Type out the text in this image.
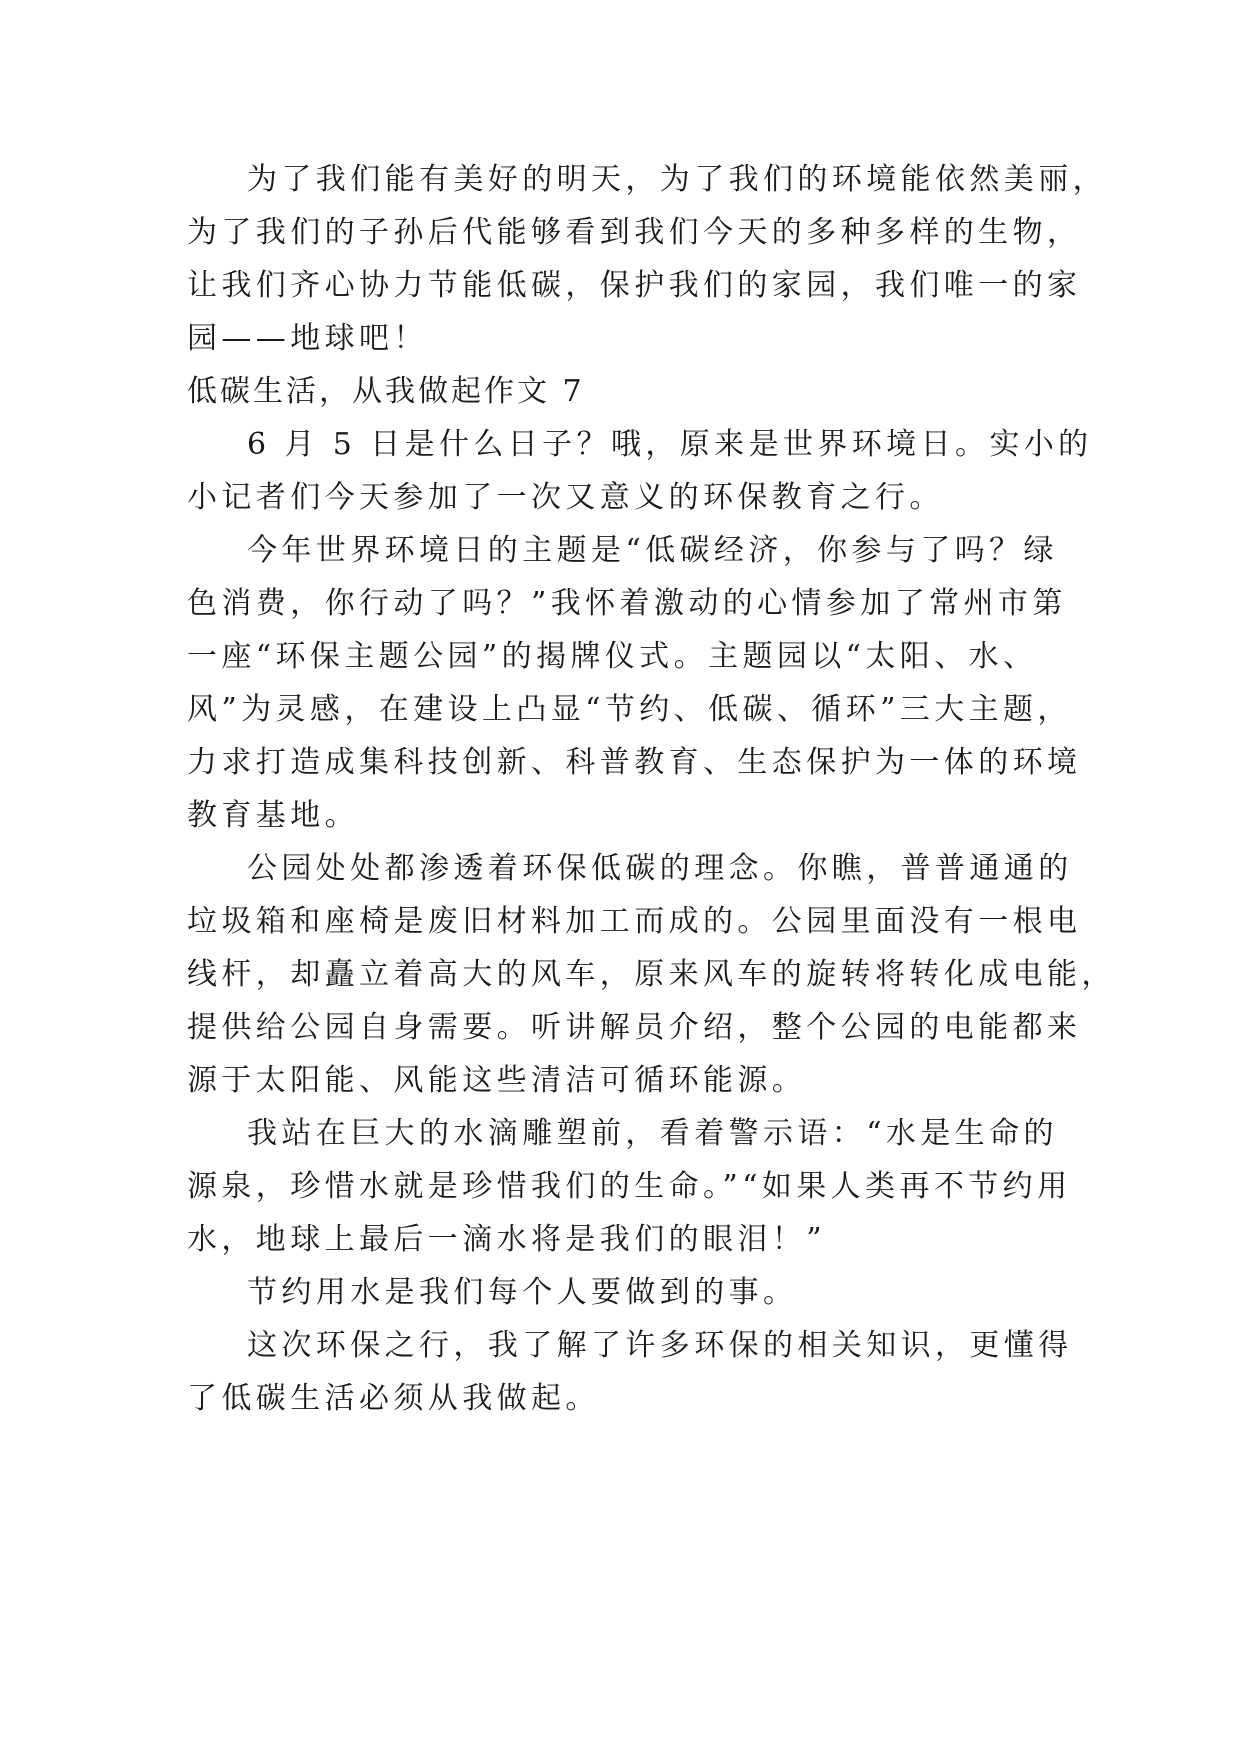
为了我们能有美好的明天，为了我们的环境能依然美丽，
为了我们的子孙后代能够看到我们今天的多种多样的生物，
让我们齐心协力节能低碳，保护我们的家园，我们唯一的家
园——地球吧！
低碳生活，从我做起作文 7
6 月 5 日是什么日子？哦，原来是世界环境日。实小的
小记者们今天参加了一次又意义的环保教育之行。
今年世界环境日的主题是“低碳经济，你参与了吗？绿
色消费，你行动了吗？”我怀着激动的心情参加了常州市第
一座“环保主题公园”的揭牌仪式。主题园以“太阳、水、
风”为灵感，在建设上凸显“节约、低碳、循环”三大主题，
力求打造成集科技创新、科普教育、生态保护为一体的环境
教育基地。
公园处处都渗透着环保低碳的理念。你瞧，普普通通的
垃圾箱和座椅是废旧材料加工而成的。公园里面没有一根电
线杆，却矗立着高大的风车，原来风车的旋转将转化成电能，
提供给公园自身需要。听讲解员介绍，整个公园的电能都来
源于太阳能、风能这些清洁可循环能源。
我站在巨大的水滴雕塑前，看着警示语：“水是生命的
源泉，珍惜水就是珍惜我们的生命。”“如果人类再不节约用
水，地球上最后一滴水将是我们的眼泪！”
节约用水是我们每个人要做到的事。
这次环保之行，我了解了许多环保的相关知识，更懂得
了低碳生活必须从我做起。
